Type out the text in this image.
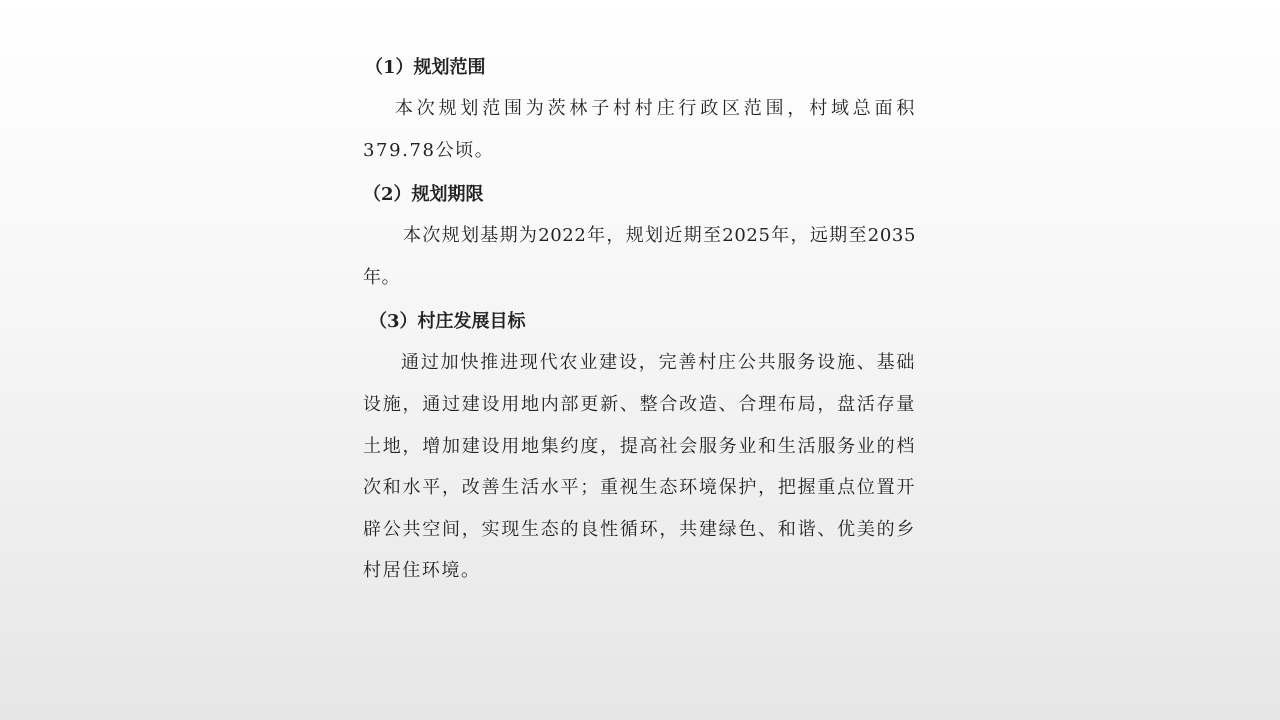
（1）规划范围

本次规划范围为茨林子村村庄行政区范围，村域总面积379.78公顷。

（2）规划期限

本次规划基期为2022年，规划近期至2025年，远期至2035年。

（3）村庄发展目标

通过加快推进现代农业建设，完善村庄公共服务设施、基础设施，通过建设用地内部更新、整合改造、合理布局，盘活存量土地，增加建设用地集约度，提高社会服务业和生活服务业的档次和水平，改善生活水平；重视生态环境保护，把握重点位置开辟公共空间，实现生态的良性循环，共建绿色、和谐、优美的乡村居住环境。
